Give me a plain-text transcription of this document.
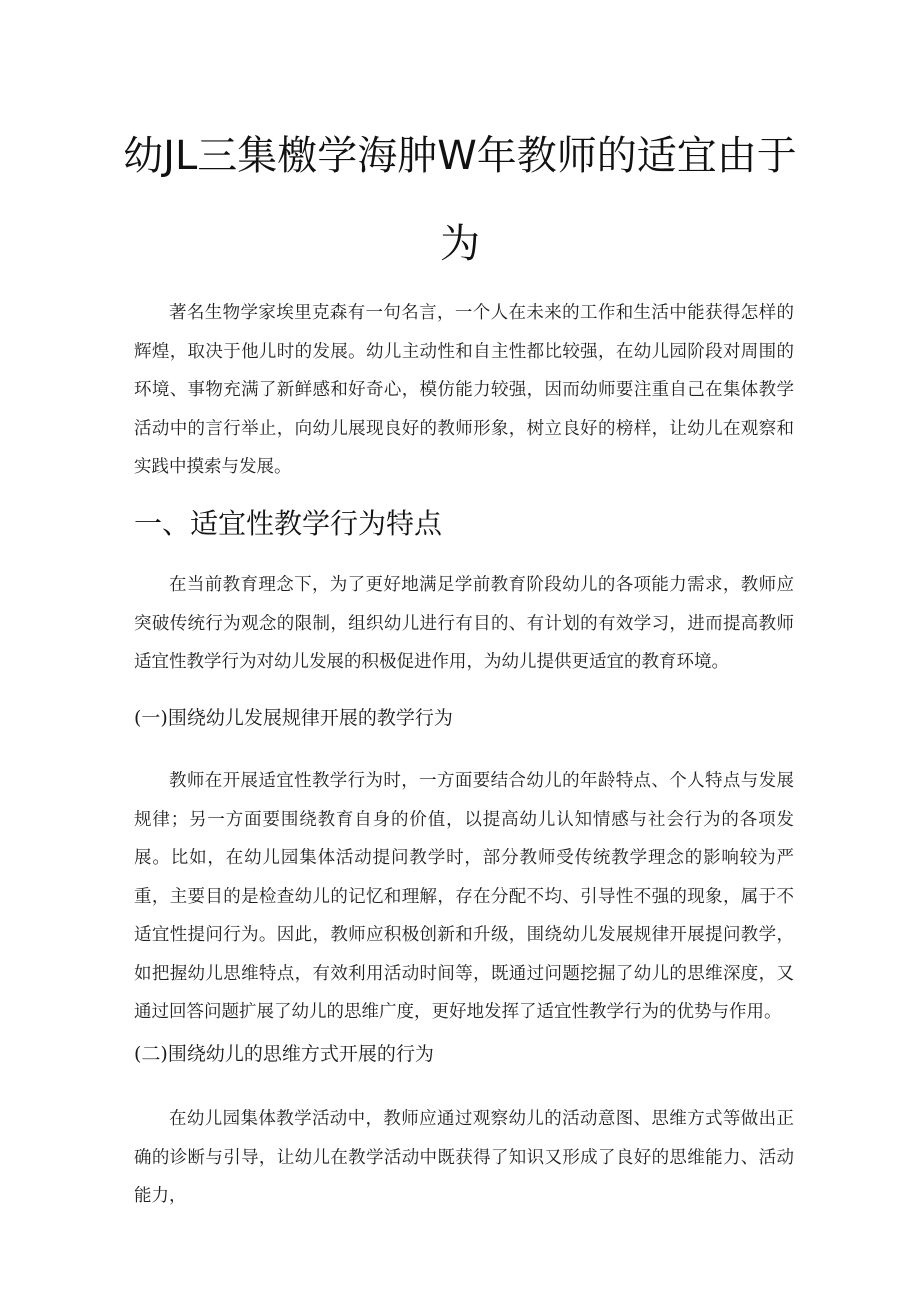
幼JL三集檄学海肿W年教师的适宜由于
为
著名生物学家埃里克森有一句名言，一个人在未来的工作和生活中能获得怎样的辉煌，取决于他儿时的发展。幼儿主动性和自主性都比较强，在幼儿园阶段对周围的环境、事物充满了新鲜感和好奇心，模仿能力较强，因而幼师要注重自己在集体教学活动中的言行举止，向幼儿展现良好的教师形象，树立良好的榜样，让幼儿在观察和实践中摸索与发展。
一、适宜性教学行为特点
在当前教育理念下，为了更好地满足学前教育阶段幼儿的各项能力需求，教师应突破传统行为观念的限制，组织幼儿进行有目的、有计划的有效学习，进而提高教师适宜性教学行为对幼儿发展的积极促进作用，为幼儿提供更适宜的教育环境。
(一)围绕幼儿发展规律开展的教学行为
教师在开展适宜性教学行为时，一方面要结合幼儿的年龄特点、个人特点与发展规律；另一方面要围绕教育自身的价值，以提高幼儿认知情感与社会行为的各项发展。比如，在幼儿园集体活动提问教学时，部分教师受传统教学理念的影响较为严重，主要目的是检查幼儿的记忆和理解，存在分配不均、引导性不强的现象，属于不适宜性提问行为。因此，教师应积极创新和升级，围绕幼儿发展规律开展提问教学，如把握幼儿思维特点，有效利用活动时间等，既通过问题挖掘了幼儿的思维深度，又通过回答问题扩展了幼儿的思维广度，更好地发挥了适宜性教学行为的优势与作用。
(二)围绕幼儿的思维方式开展的行为
在幼儿园集体教学活动中，教师应通过观察幼儿的活动意图、思维方式等做出正确的诊断与引导，让幼儿在教学活动中既获得了知识又形成了良好的思维能力、活动能力，
